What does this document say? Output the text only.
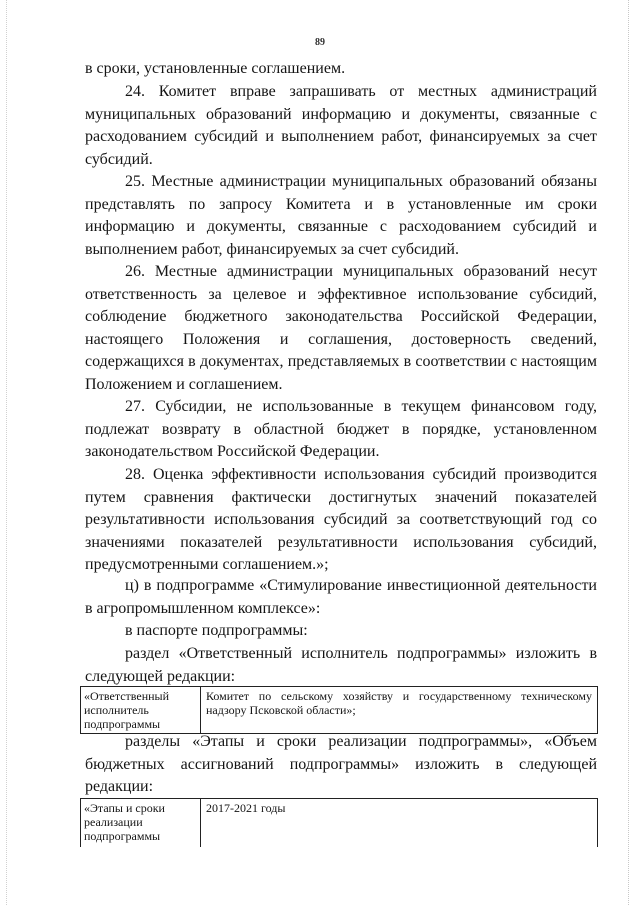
89

в сроки, установленные соглашением.

24. Комитет вправе запрашивать от местных администраций муниципальных образований информацию и документы, связанные с расходованием субсидий и выполнением работ, финансируемых за счет субсидий.

25. Местные администрации муниципальных образований обязаны представлять по запросу Комитета и в установленные им сроки информацию и документы, связанные с расходованием субсидий и выполнением работ, финансируемых за счет субсидий.

26. Местные администрации муниципальных образований несут ответственность за целевое и эффективное использование субсидий, соблюдение бюджетного законодательства Российской Федерации, настоящего Положения и соглашения, достоверность сведений, содержащихся в документах, представляемых в соответствии с настоящим Положением и соглашением.

27. Субсидии, не использованные в текущем финансовом году, подлежат возврату в областной бюджет в порядке, установленном законодательством Российской Федерации.

28. Оценка эффективности использования субсидий производится путем сравнения фактически достигнутых значений показателей результативности использования субсидий за соответствующий год со значениями показателей результативности использования субсидий, предусмотренными соглашением.»;

ц) в подпрограмме «Стимулирование инвестиционной деятельности в агропромышленном комплексе»:

в паспорте подпрограммы:

раздел «Ответственный исполнитель подпрограммы» изложить в следующей редакции:

«Ответственный исполнитель подпрограммы
Комитет по сельскому хозяйству и государственному техническому надзору Псковской области»;

разделы «Этапы и сроки реализации подпрограммы», «Объем бюджетных ассигнований подпрограммы» изложить в следующей редакции:

«Этапы и сроки реализации подпрограммы
2017-2021 годы
